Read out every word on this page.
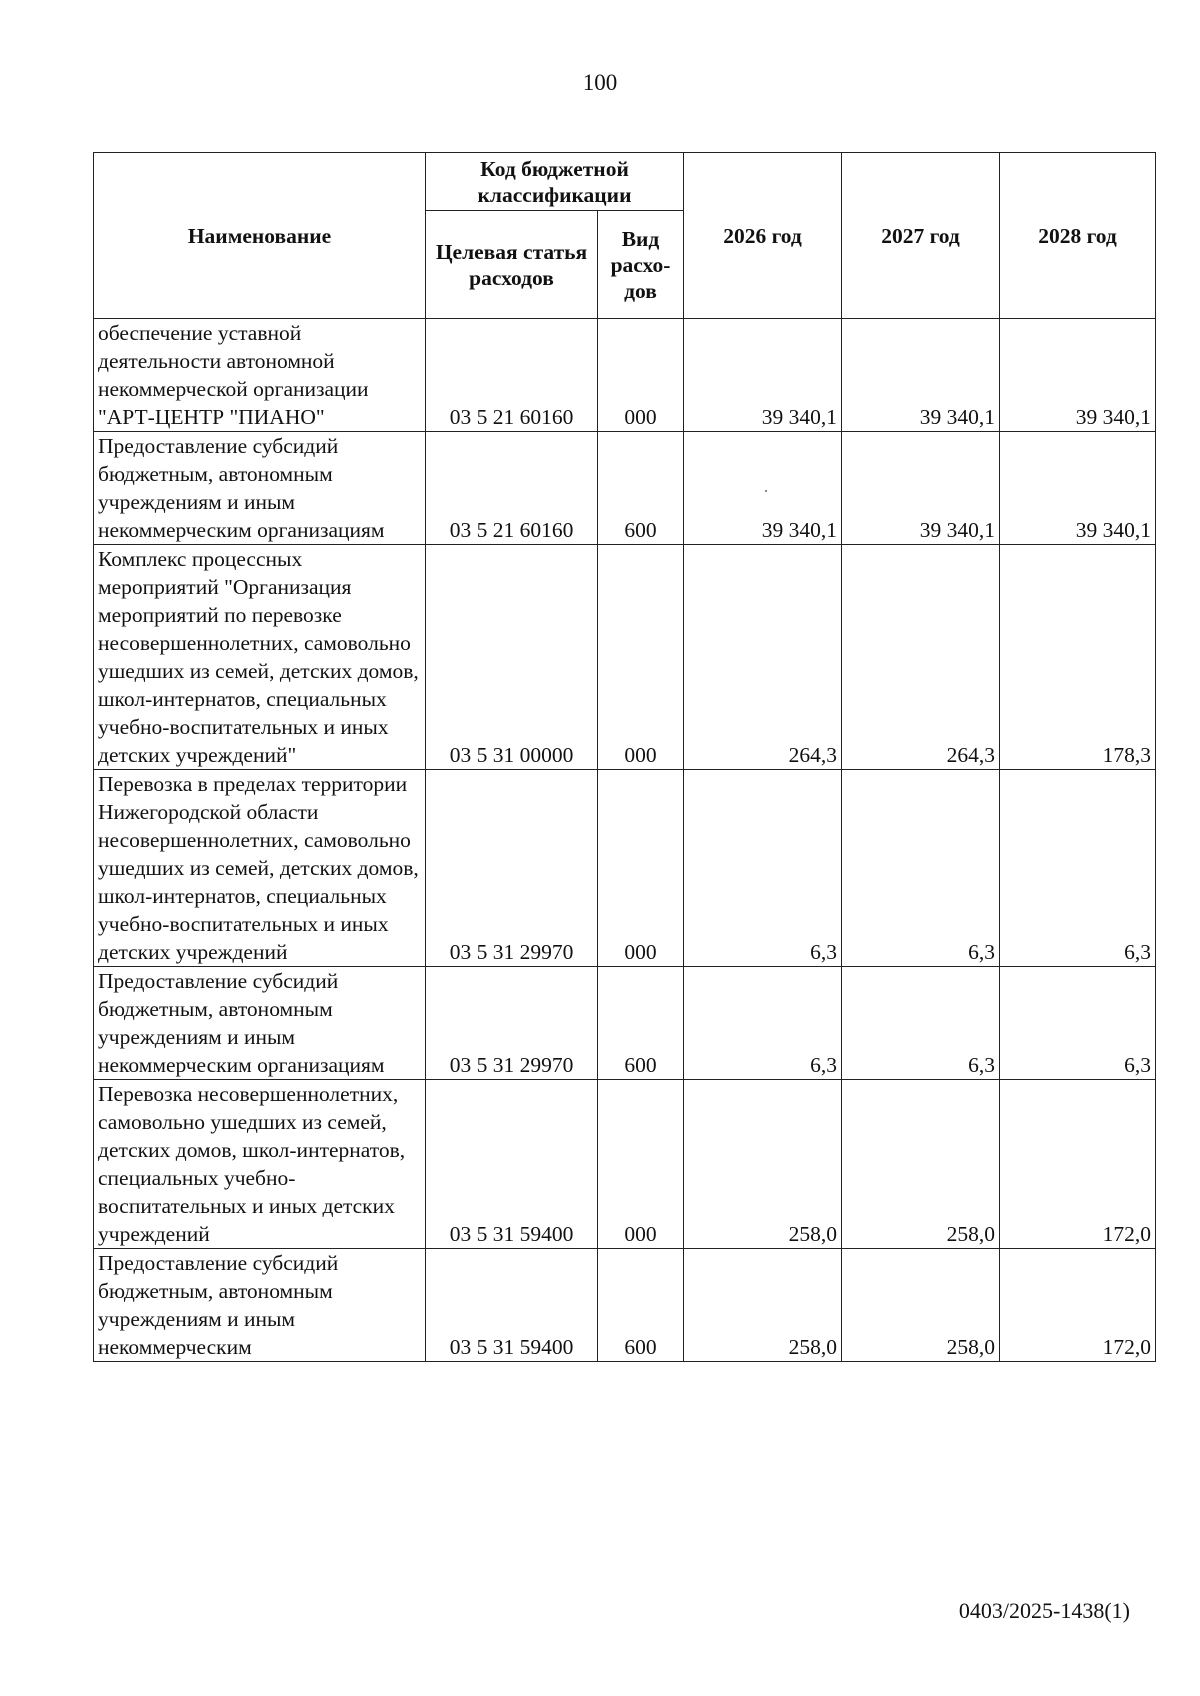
100
Наименование	Код бюджетной классификации		2026 год	2027 год	2028 год
	Целевая статья расходов	Вид расхо-дов			
обеспечение уставной деятельности автономной некоммерческой организации "АРТ-ЦЕНТР "ПИАНО"	03 5 21 60160	000	39 340,1	39 340,1	39 340,1
Предоставление субсидий бюджетным, автономным учреждениям и иным некоммерческим организациям	03 5 21 60160	600	39 340,1	39 340,1	39 340,1
Комплекс процессных мероприятий "Организация мероприятий по перевозке несовершеннолетних, самовольно ушедших из семей, детских домов, школ-интернатов, специальных учебно-воспитательных и иных детских учреждений"	03 5 31 00000	000	264,3	264,3	178,3
Перевозка в пределах территории Нижегородской области несовершеннолетних, самовольно ушедших из семей, детских домов, школ-интернатов, специальных учебно-воспитательных и иных детских учреждений	03 5 31 29970	000	6,3	6,3	6,3
Предоставление субсидий бюджетным, автономным учреждениям и иным некоммерческим организациям	03 5 31 29970	600	6,3	6,3	6,3
Перевозка несовершеннолетних, самовольно ушедших из семей, детских домов, школ-интернатов, специальных учебно-воспитательных и иных детских учреждений	03 5 31 59400	000	258,0	258,0	172,0
Предоставление субсидий бюджетным, автономным учреждениям и иным некоммерческим	03 5 31 59400	600	258,0	258,0	172,0
0403/2025-1438(1)
